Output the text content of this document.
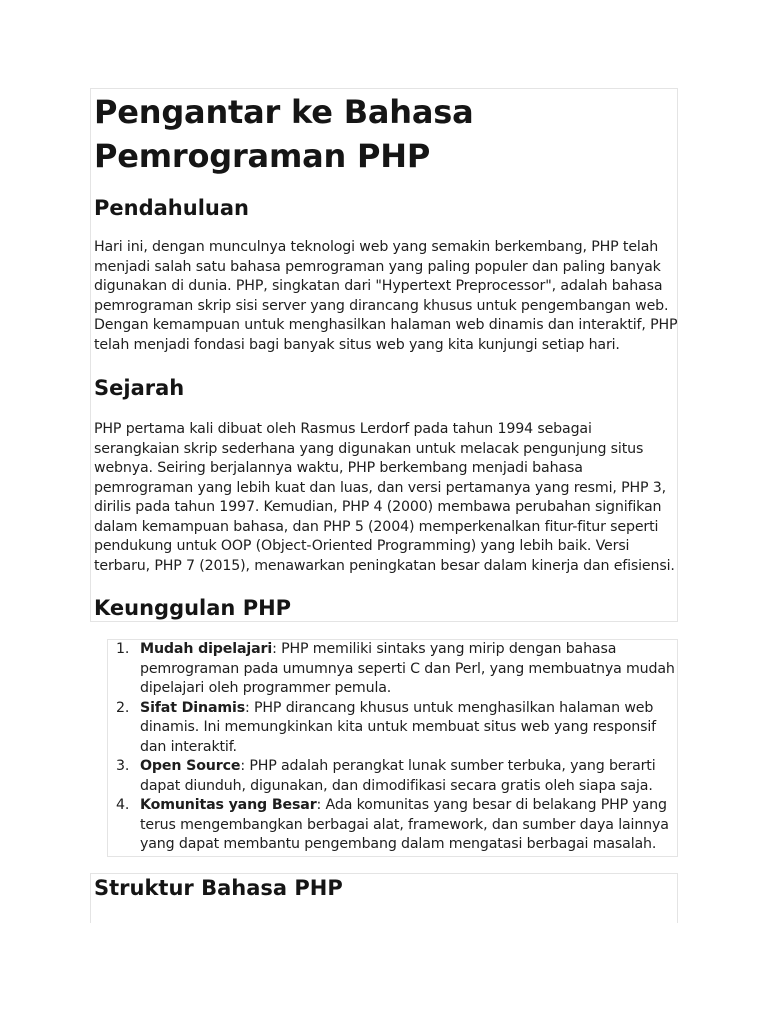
Pengantar ke Bahasa Pemrograman PHP
Pendahuluan

Hari ini, dengan munculnya teknologi web yang semakin berkembang, PHP telah menjadi salah satu bahasa pemrograman yang paling populer dan paling banyak digunakan di dunia. PHP, singkatan dari "Hypertext Preprocessor", adalah bahasa pemrograman skrip sisi server yang dirancang khusus untuk pengembangan web. Dengan kemampuan untuk menghasilkan halaman web dinamis dan interaktif, PHP telah menjadi fondasi bagi banyak situs web yang kita kunjungi setiap hari.

Sejarah

PHP pertama kali dibuat oleh Rasmus Lerdorf pada tahun 1994 sebagai serangkaian skrip sederhana yang digunakan untuk melacak pengunjung situs webnya. Seiring berjalannya waktu, PHP berkembang menjadi bahasa pemrograman yang lebih kuat dan luas, dan versi pertamanya yang resmi, PHP 3, dirilis pada tahun 1997. Kemudian, PHP 4 (2000) membawa perubahan signifikan dalam kemampuan bahasa, dan PHP 5 (2004) memperkenalkan fitur-fitur seperti pendukung untuk OOP (Object-Oriented Programming) yang lebih baik. Versi terbaru, PHP 7 (2015), menawarkan peningkatan besar dalam kinerja dan efisiensi.

Keunggulan PHP
1. Mudah dipelajari: PHP memiliki sintaks yang mirip dengan bahasa pemrograman pada umumnya seperti C dan Perl, yang membuatnya mudah dipelajari oleh programmer pemula.
2. Sifat Dinamis: PHP dirancang khusus untuk menghasilkan halaman web dinamis. Ini memungkinkan kita untuk membuat situs web yang responsif dan interaktif.
3. Open Source: PHP adalah perangkat lunak sumber terbuka, yang berarti dapat diunduh, digunakan, dan dimodifikasi secara gratis oleh siapa saja.
4. Komunitas yang Besar: Ada komunitas yang besar di belakang PHP yang terus mengembangkan berbagai alat, framework, dan sumber daya lainnya yang dapat membantu pengembang dalam mengatasi berbagai masalah.
Struktur Bahasa PHP
